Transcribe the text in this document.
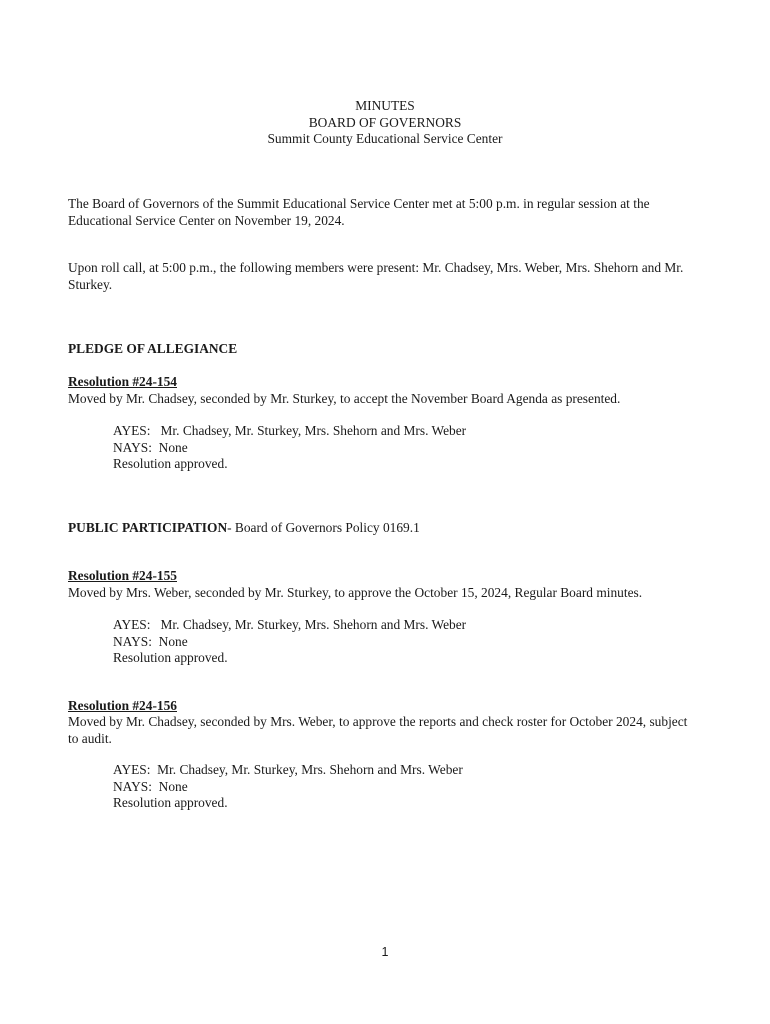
MINUTES
BOARD OF GOVERNORS
Summit County Educational Service Center
The Board of Governors of the Summit Educational Service Center met at 5:00 p.m. in regular session at the Educational Service Center on November 19, 2024.
Upon roll call, at 5:00 p.m., the following members were present: Mr. Chadsey, Mrs. Weber, Mrs. Shehorn and Mr. Sturkey.
PLEDGE OF ALLEGIANCE
Resolution #24-154
Moved by Mr. Chadsey, seconded by Mr. Sturkey, to accept the November Board Agenda as presented.
AYES:   Mr. Chadsey, Mr. Sturkey, Mrs. Shehorn and Mrs. Weber
NAYS:  None
Resolution approved.
PUBLIC PARTICIPATION- Board of Governors Policy 0169.1
Resolution #24-155
Moved by Mrs. Weber, seconded by Mr. Sturkey, to approve the October 15, 2024, Regular Board minutes.
AYES:   Mr. Chadsey, Mr. Sturkey, Mrs. Shehorn and Mrs. Weber
NAYS:  None
Resolution approved.
Resolution #24-156
Moved by Mr. Chadsey, seconded by Mrs. Weber, to approve the reports and check roster for October 2024, subject to audit.
AYES:  Mr. Chadsey, Mr. Sturkey, Mrs. Shehorn and Mrs. Weber
NAYS:  None
Resolution approved.
1
